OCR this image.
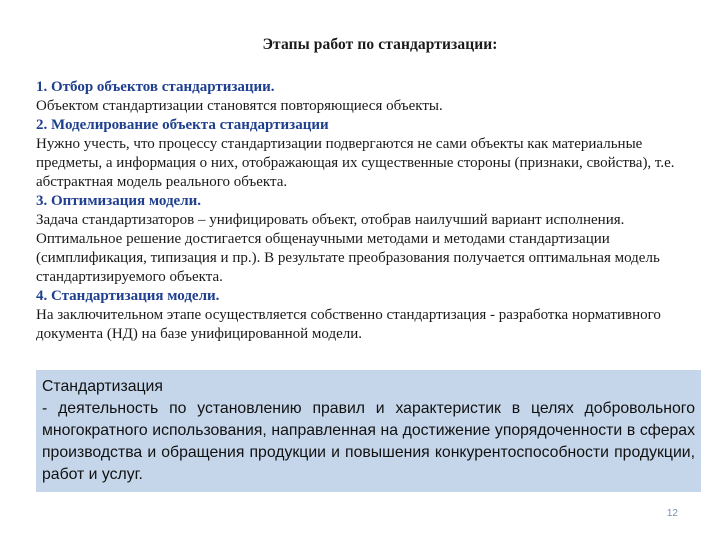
Этапы работ по стандартизации:

1. Отбор объектов стандартизации.

Объектом стандартизации становятся повторяющиеся объекты.

2. Моделирование объекта стандартизации

Нужно учесть, что процессу стандартизации подвергаются не сами объекты как материальные предметы, а информация о них, отображающая их существенные стороны (признаки, свойства), т.е. абстрактная модель реального объекта.

3. Оптимизация модели.

Задача стандартизаторов – унифицировать объект, отобрав наилучший вариант исполнения. Оптимальное решение достигается общенаучными методами и методами стандартизации (симплификация, типизация и пр.). В результате преобразования получается оптимальная модель стандартизируемого объекта.

4. Стандартизация модели.

На заключительном этапе осуществляется собственно стандартизация - разработка нормативного документа (НД) на базе унифицированной модели.

Стандартизация
- деятельность по установлению правил и характеристик в целях добровольного многократного использования, направленная на достижение упорядоченности в сферах производства и обращения продукции и повышения конкурентоспособности продукции, работ и услуг.
12
